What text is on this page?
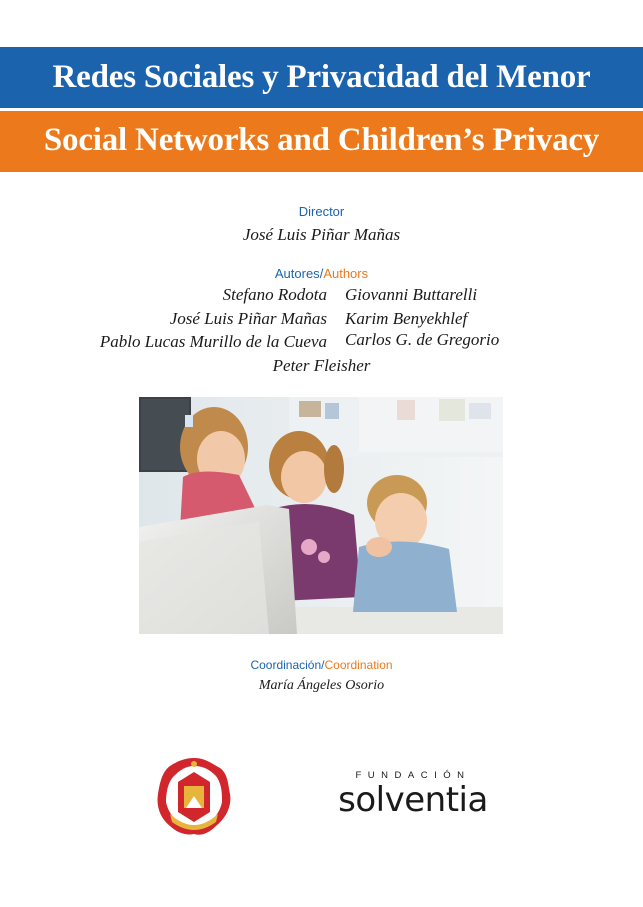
Redes Sociales y Privacidad del Menor
Social Networks and Children’s Privacy
Director
José Luis Piñar Mañas
Autores/Authors
Stefano Rodota Giovanni Buttarelli
José Luis Piñar Mañas Karim Benyekhlef
Pablo Lucas Murillo de la Cueva Carlos G. de Gregorio
Peter Fleisher
Coordinación/Coordination
María Ángeles Osorio
FUNDACIÓN
solventia
